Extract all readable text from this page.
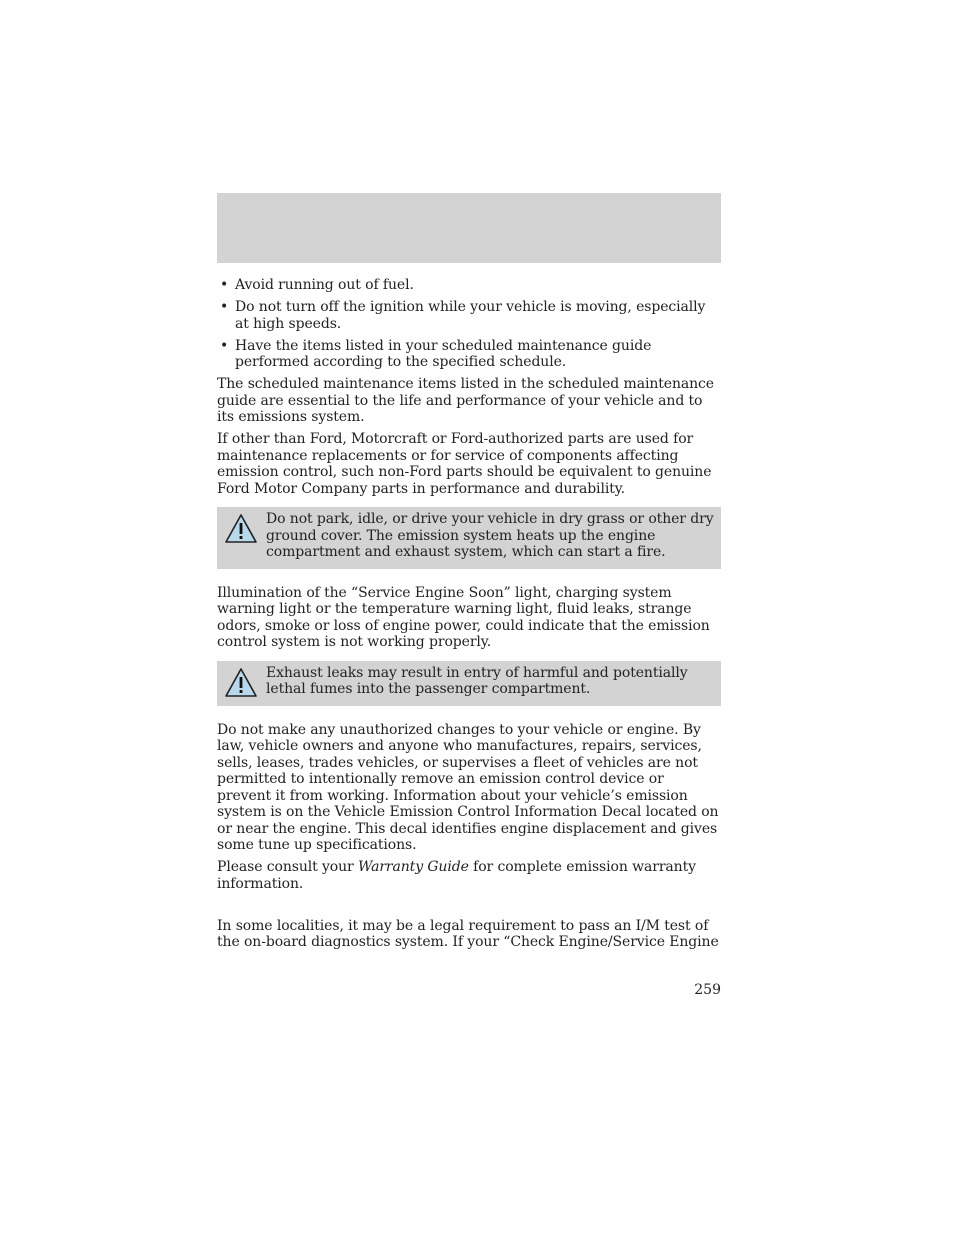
• Avoid running out of fuel.
• Do not turn off the ignition while your vehicle is moving, especially at high speeds.
• Have the items listed in your scheduled maintenance guide performed according to the specified schedule.

The scheduled maintenance items listed in the scheduled maintenance guide are essential to the life and performance of your vehicle and to its emissions system.

If other than Ford, Motorcraft or Ford-authorized parts are used for maintenance replacements or for service of components affecting emission control, such non-Ford parts should be equivalent to genuine Ford Motor Company parts in performance and durability.

Do not park, idle, or drive your vehicle in dry grass or other dry ground cover. The emission system heats up the engine compartment and exhaust system, which can start a fire.

Illumination of the “Service Engine Soon” light, charging system warning light or the temperature warning light, fluid leaks, strange odors, smoke or loss of engine power, could indicate that the emission control system is not working properly.

Exhaust leaks may result in entry of harmful and potentially lethal fumes into the passenger compartment.

Do not make any unauthorized changes to your vehicle or engine. By law, vehicle owners and anyone who manufactures, repairs, services, sells, leases, trades vehicles, or supervises a fleet of vehicles are not permitted to intentionally remove an emission control device or prevent it from working. Information about your vehicle’s emission system is on the Vehicle Emission Control Information Decal located on or near the engine. This decal identifies engine displacement and gives some tune up specifications.

Please consult your Warranty Guide for complete emission warranty information.

In some localities, it may be a legal requirement to pass an I/M test of the on-board diagnostics system. If your “Check Engine/Service Engine

259
